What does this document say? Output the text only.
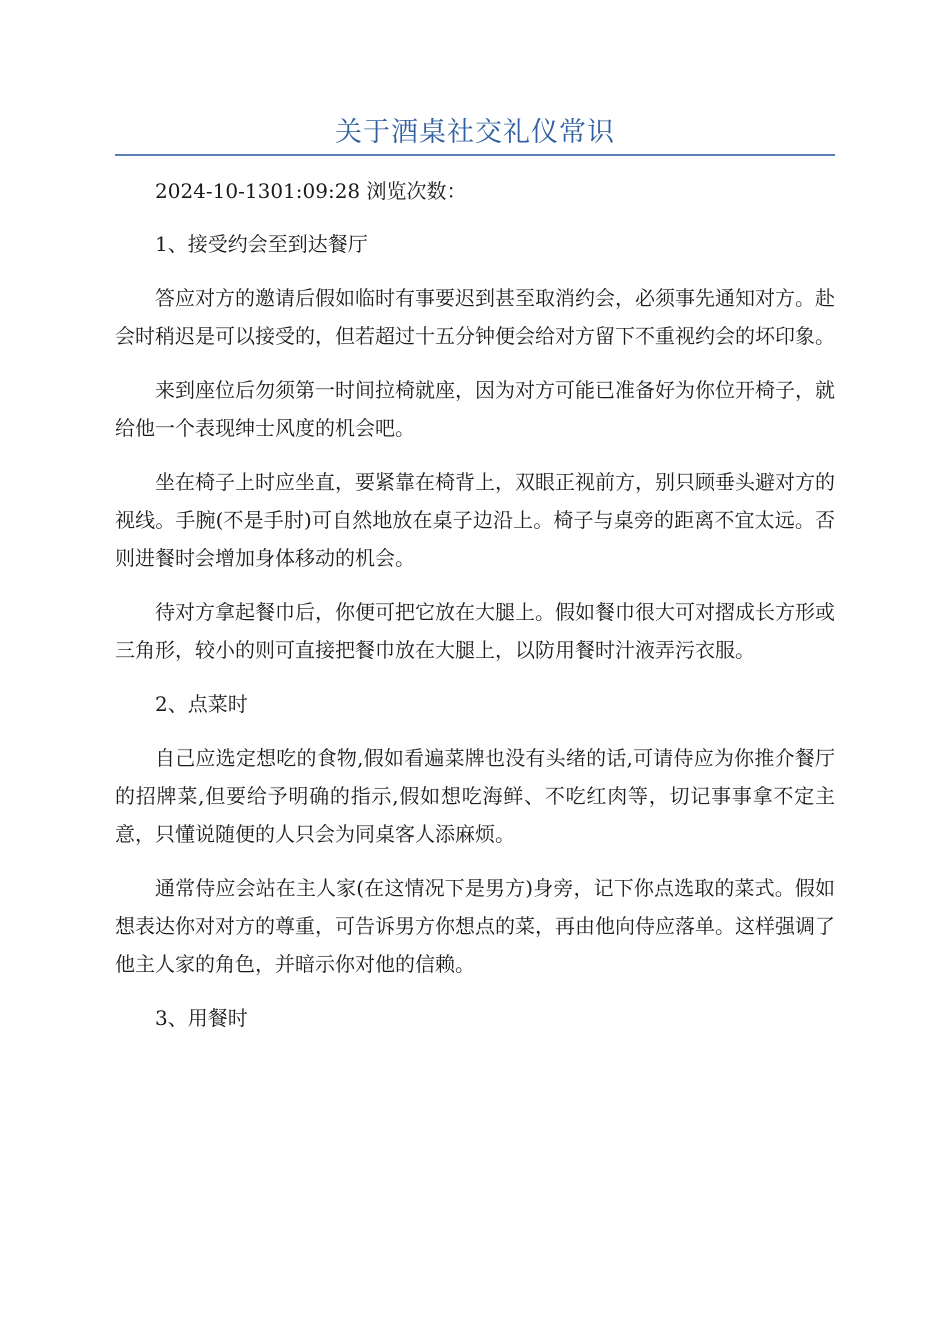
关于酒桌社交礼仪常识

2024-10-1301:09:28 浏览次数：

1、接受约会至到达餐厅

答应对方的邀请后假如临时有事要迟到甚至取消约会，必须事先通知对方。赴会时稍迟是可以接受的，但若超过十五分钟便会给对方留下不重视约会的坏印象。

来到座位后勿须第一时间拉椅就座，因为对方可能已准备好为你位开椅子，就给他一个表现绅士风度的机会吧。

坐在椅子上时应坐直，要紧靠在椅背上，双眼正视前方，别只顾垂头避对方的视线。手腕(不是手肘)可自然地放在桌子边沿上。椅子与桌旁的距离不宜太远。否则进餐时会增加身体移动的机会。

待对方拿起餐巾后，你便可把它放在大腿上。假如餐巾很大可对摺成长方形或三角形，较小的则可直接把餐巾放在大腿上，以防用餐时汁液弄污衣服。

2、点菜时

自己应选定想吃的食物,假如看遍菜牌也没有头绪的话,可请侍应为你推介餐厅的招牌菜,但要给予明确的指示,假如想吃海鲜、不吃红肉等，切记事事拿不定主意，只懂说随便的人只会为同桌客人添麻烦。

通常侍应会站在主人家(在这情况下是男方)身旁，记下你点选取的菜式。假如想表达你对对方的尊重，可告诉男方你想点的菜，再由他向侍应落单。这样强调了他主人家的角色，并暗示你对他的信赖。

3、用餐时
